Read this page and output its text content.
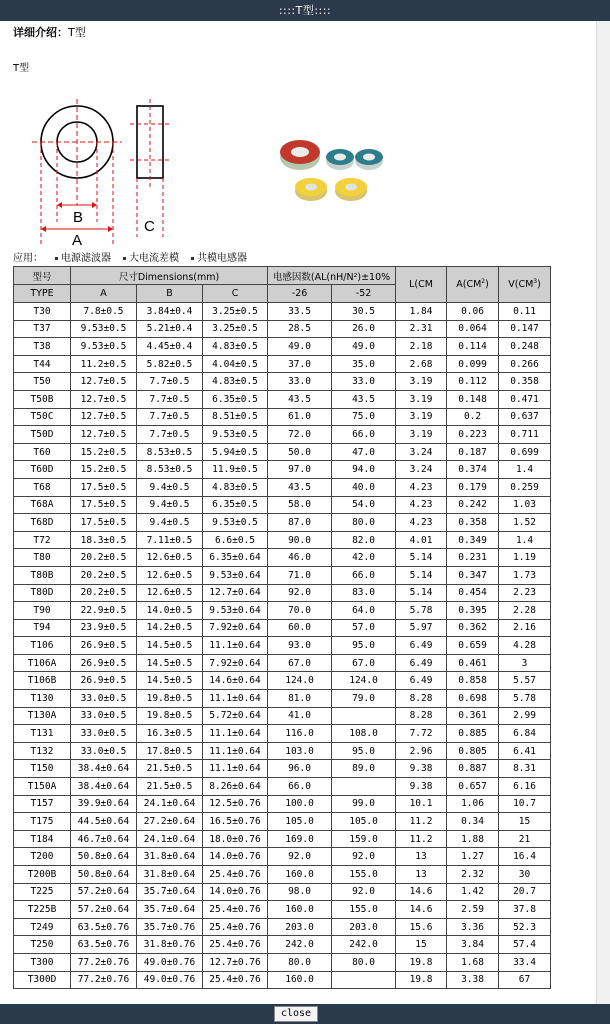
::::T型::::
详细介绍：T型
T型
B
A
C
应用：	电源滤波器	大电流差模	共模电感器
型号	尺寸Dimensions(mm)			电感因数(AL(nH/N²)±10%		L(CM	$A(CM^2)$	$V(CM^3)$
TYPE	A	B	C	-26	-52			
T30	7.8±0.5	3.84±0.4	3.25±0.5	33.5	30.5	1.84	0.06	0.11
T37	9.53±0.5	5.21±0.4	3.25±0.5	28.5	26.0	2.31	0.064	0.147
T38	9.53±0.5	4.45±0.4	4.83±0.5	49.0	49.0	2.18	0.114	0.248
T44	11.2±0.5	5.82±0.5	4.04±0.5	37.0	35.0	2.68	0.099	0.266
T50	12.7±0.5	7.7±0.5	4.83±0.5	33.0	33.0	3.19	0.112	0.358
T50B	12.7±0.5	7.7±0.5	6.35±0.5	43.5	43.5	3.19	0.148	0.471
T50C	12.7±0.5	7.7±0.5	8.51±0.5	61.0	75.0	3.19	0.2	0.637
T50D	12.7±0.5	7.7±0.5	9.53±0.5	72.0	66.0	3.19	0.223	0.711
T60	15.2±0.5	8.53±0.5	5.94±0.5	50.0	47.0	3.24	0.187	0.699
T60D	15.2±0.5	8.53±0.5	11.9±0.5	97.0	94.0	3.24	0.374	1.4
T68	17.5±0.5	9.4±0.5	4.83±0.5	43.5	40.0	4.23	0.179	0.259
T68A	17.5±0.5	9.4±0.5	6.35±0.5	58.0	54.0	4.23	0.242	1.03
T68D	17.5±0.5	9.4±0.5	9.53±0.5	87.0	80.0	4.23	0.358	1.52
T72	18.3±0.5	7.11±0.5	6.6±0.5	90.0	82.0	4.01	0.349	1.4
T80	20.2±0.5	12.6±0.5	6.35±0.64	46.0	42.0	5.14	0.231	1.19
T80B	20.2±0.5	12.6±0.5	9.53±0.64	71.0	66.0	5.14	0.347	1.73
T80D	20.2±0.5	12.6±0.5	12.7±0.64	92.0	83.0	5.14	0.454	2.23
T90	22.9±0.5	14.0±0.5	9.53±0.64	70.0	64.0	5.78	0.395	2.28
T94	23.9±0.5	14.2±0.5	7.92±0.64	60.0	57.0	5.97	0.362	2.16
T106	26.9±0.5	14.5±0.5	11.1±0.64	93.0	95.0	6.49	0.659	4.28
T106A	26.9±0.5	14.5±0.5	7.92±0.64	67.0	67.0	6.49	0.461	3
T106B	26.9±0.5	14.5±0.5	14.6±0.64	124.0	124.0	6.49	0.858	5.57
T130	33.0±0.5	19.8±0.5	11.1±0.64	81.0	79.0	8.28	0.698	5.78
T130A	33.0±0.5	19.8±0.5	5.72±0.64	41.0		8.28	0.361	2.99
T131	33.0±0.5	16.3±0.5	11.1±0.64	116.0	108.0	7.72	0.885	6.84
T132	33.0±0.5	17.8±0.5	11.1±0.64	103.0	95.0	2.96	0.805	6.41
T150	38.4±0.64	21.5±0.5	11.1±0.64	96.0	89.0	9.38	0.887	8.31
T150A	38.4±0.64	21.5±0.5	8.26±0.64	66.0		9.38	0.657	6.16
T157	39.9±0.64	24.1±0.64	12.5±0.76	100.0	99.0	10.1	1.06	10.7
T175	44.5±0.64	27.2±0.64	16.5±0.76	105.0	105.0	11.2	0.34	15
T184	46.7±0.64	24.1±0.64	18.0±0.76	169.0	159.0	11.2	1.88	21
T200	50.8±0.64	31.8±0.64	14.0±0.76	92.0	92.0	13	1.27	16.4
T200B	50.8±0.64	31.8±0.64	25.4±0.76	160.0	155.0	13	2.32	30
T225	57.2±0.64	35.7±0.64	14.0±0.76	98.0	92.0	14.6	1.42	20.7
T225B	57.2±0.64	35.7±0.64	25.4±0.76	160.0	155.0	14.6	2.59	37.8
T249	63.5±0.76	35.7±0.76	25.4±0.76	203.0	203.0	15.6	3.36	52.3
T250	63.5±0.76	31.8±0.76	25.4±0.76	242.0	242.0	15	3.84	57.4
T300	77.2±0.76	49.0±0.76	12.7±0.76	80.0	80.0	19.8	1.68	33.4
T300D	77.2±0.76	49.0±0.76	25.4±0.76	160.0		19.8	3.38	67
close
